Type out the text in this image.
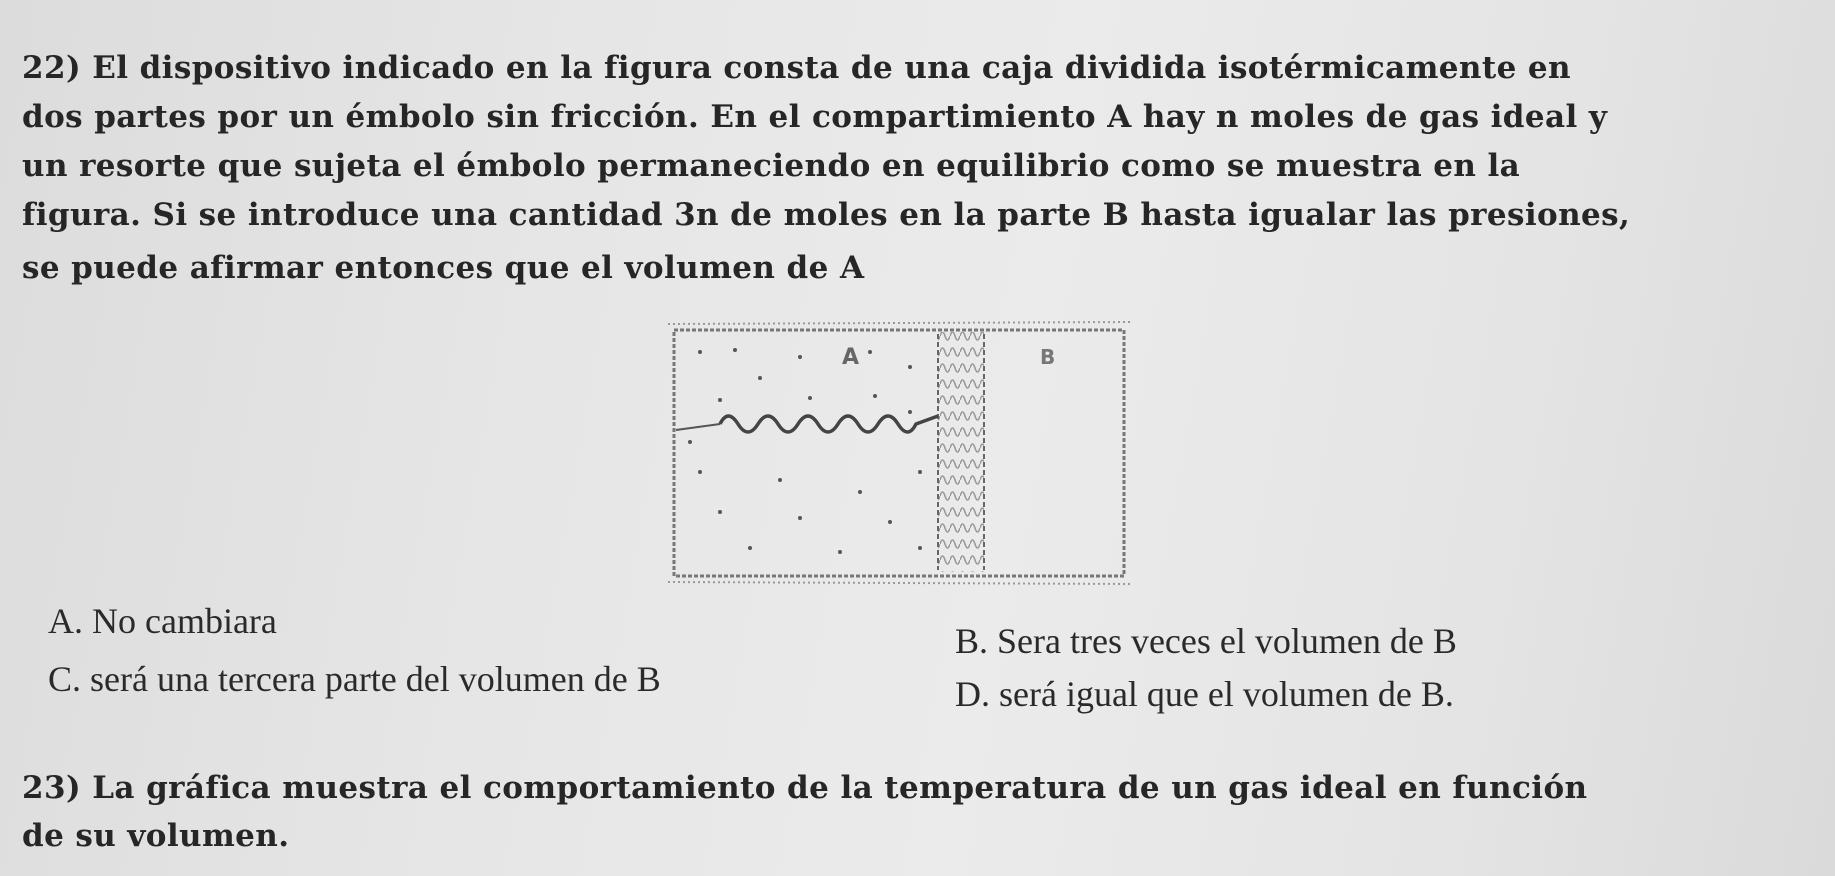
22) El dispositivo indicado en la figura consta de una caja dividida isotérmicamente en
dos partes por un émbolo sin fricción. En el compartimiento A hay n moles de gas ideal y
un resorte que sujeta el émbolo permaneciendo en equilibrio como se muestra en la
figura. Si se introduce una cantidad 3n de moles en la parte B hasta igualar las presiones,
se puede afirmar entonces que el volumen de A
A	B
A. No cambiara	B. Sera tres veces el volumen de B
C. será una tercera parte del volumen de B	D. será igual que el volumen de B.
23) La gráfica muestra el comportamiento de la temperatura de un gas ideal en función
de su volumen.
